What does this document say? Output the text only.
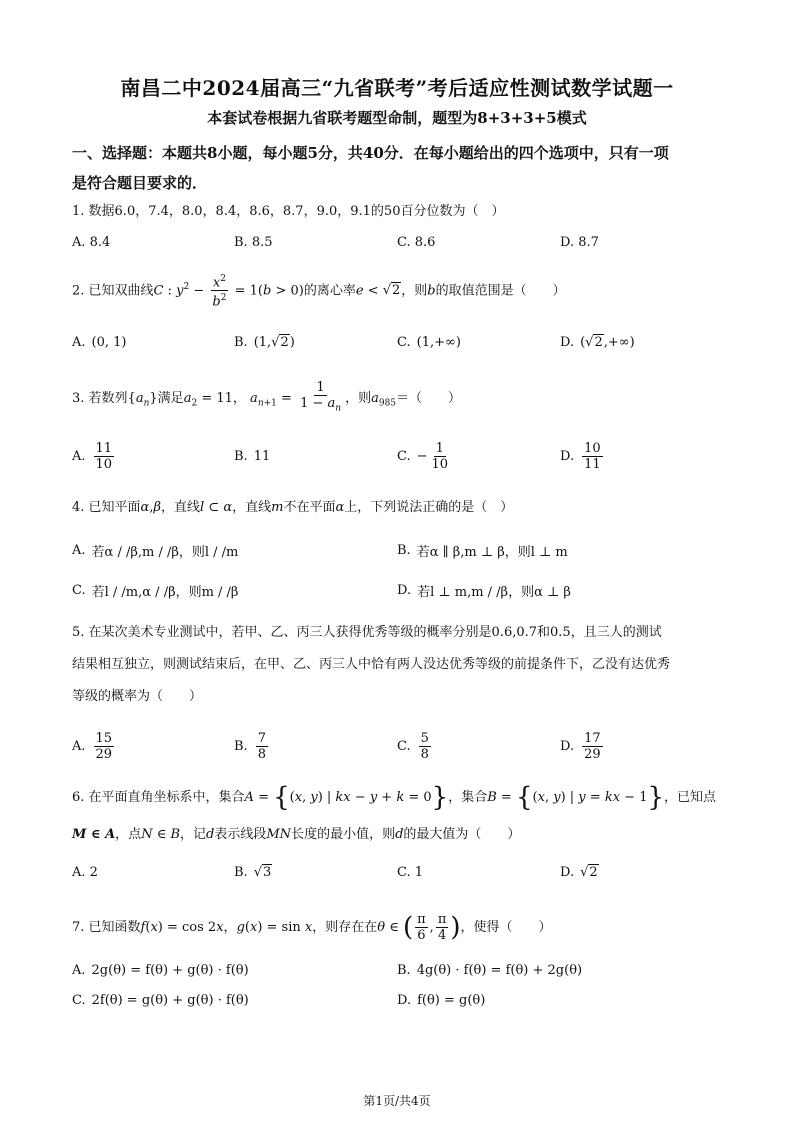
南昌二中2024届高三“九省联考”考后适应性测试数学试题一
本套试卷根据九省联考题型命制，题型为8+3+3+5模式
一、选择题：本题共8小题，每小题5分，共40分．在每小题给出的四个选项中，只有一项
是符合题目要求的．
1. 数据6.0，7.4，8.0，8.4，8.6，8.7，9.0，9.1的50百分位数为（　）
A. 8.4	B. 8.5	C. 8.6	D. 8.7
2. 已知双曲线C : $y^2 - \frac{x^2}{b^2} = 1(b > 0)$的离心率e < √2，则b的取值范围是（　　）
A. (0, 1)	B. (1, √2 )	C. (1,+∞)	D. ( √2 ,+∞)
3. 若数列$\{a_n\}$满足$a_2 = 11$， $a_{n+1} = \frac{1}{1 - a_n}$ ，则$a_{985}=$（　　）
A. $\frac{11}{10}$	B. 11	C. − $\frac{1}{10}$	D. $\frac{10}{11}$
4. 已知平面α,β，直线l ⊂ α，直线m不在平面α上，下列说法正确的是（　）
A. 若α / /β,m / /β，则l / /m	B. 若α ∥ β,m ⊥ β，则l ⊥ m
C. 若l / /m,α / /β，则m / /β	D. 若l ⊥ m,m / /β，则α ⊥ β
5. 在某次美术专业测试中，若甲、乙、丙三人获得优秀等级的概率分别是0.6,0.7和0.5，且三人的测试
结果相互独立，则测试结束后，在甲、乙、丙三人中恰有两人没达优秀等级的前提条件下，乙没有达优秀
等级的概率为（　　）
A. $\frac{15}{29}$	B. $\frac{7}{8}$	C. $\frac{5}{8}$	D. $\frac{17}{29}$
6. 在平面直角坐标系中，集合A = {(x, y) | kx − y + k = 0}，集合B = {(x, y) | y = kx − 1}，已知点
M ∈ A，点N ∈ B，记d表示线段MN长度的最小值，则d的最大值为（　　）
A. 2	B. √3	C. 1	D. √2
7. 已知函数f(x) = cos 2x，g(x) = sin x，则存在在θ ∈ ( $\frac{\pi}{6}$ , $\frac{\pi}{4}$ )，使得（　　）
A. 2g(θ) = f(θ) + g(θ) · f(θ)	B. 4g(θ) · f(θ) = f(θ) + 2g(θ)
C. 2f(θ) = g(θ) + g(θ) · f(θ)	D. f(θ) = g(θ)
第1页/共4页
